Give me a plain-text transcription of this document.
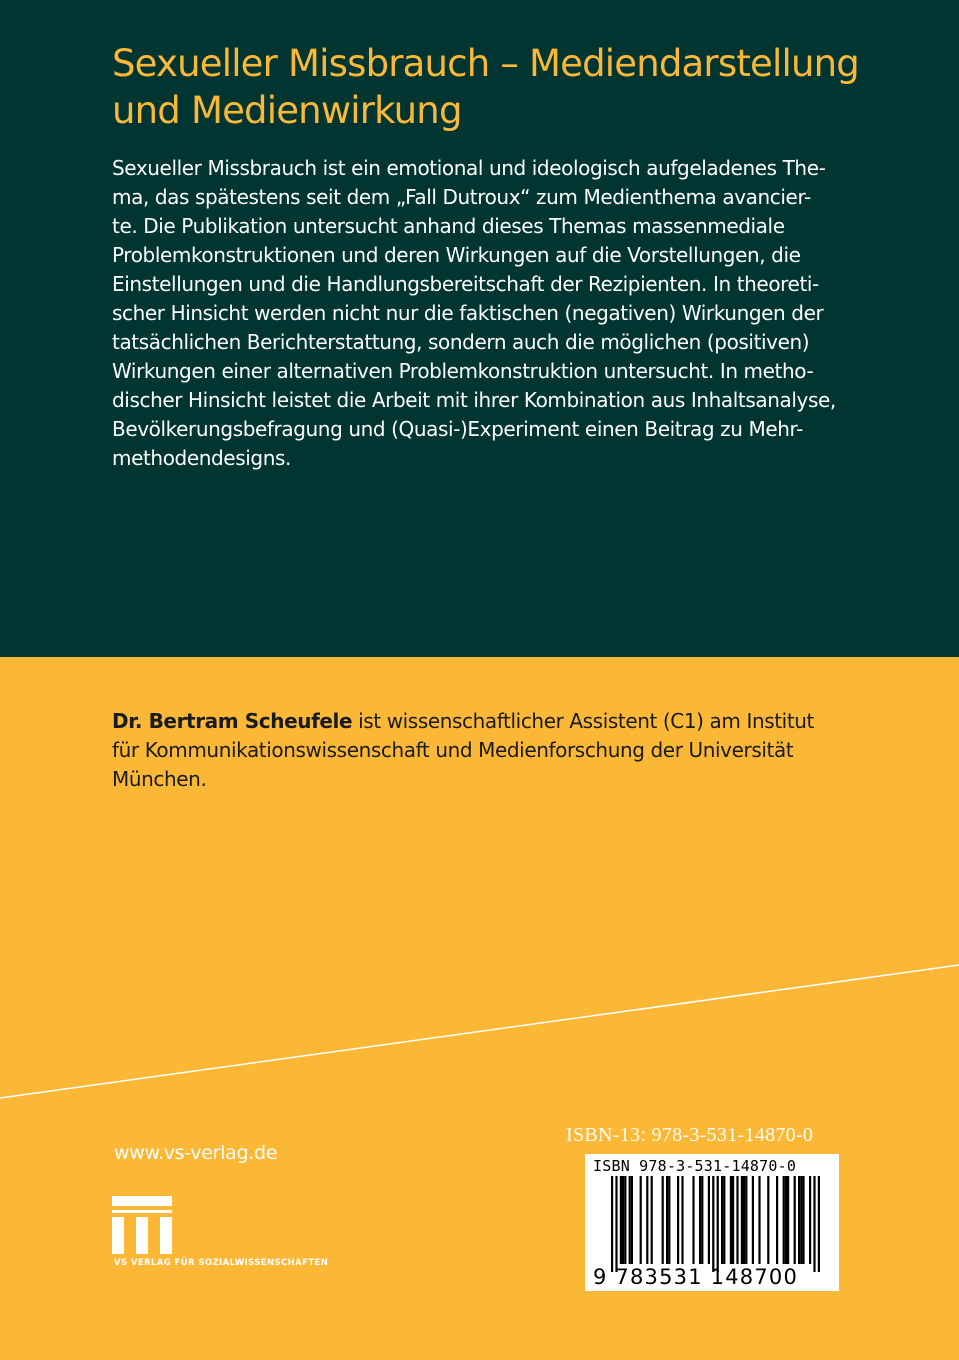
Sexueller Missbrauch – Mediendarstellung
und Medienwirkung

Sexueller Missbrauch ist ein emotional und ideologisch aufgeladenes The-
ma, das spätestens seit dem „Fall Dutroux“ zum Medienthema avancier-
te. Die Publikation untersucht anhand dieses Themas massenmediale
Problemkonstruktionen und deren Wirkungen auf die Vorstellungen, die
Einstellungen und die Handlungsbereitschaft der Rezipienten. In theoreti-
scher Hinsicht werden nicht nur die faktischen (negativen) Wirkungen der
tatsächlichen Berichterstattung, sondern auch die möglichen (positiven)
Wirkungen einer alternativen Problemkonstruktion untersucht. In metho-
discher Hinsicht leistet die Arbeit mit ihrer Kombination aus Inhaltsanalyse,
Bevölkerungsbefragung und (Quasi-)Experiment einen Beitrag zu Mehr-
methodendesigns.

Dr. Bertram Scheufele ist wissenschaftlicher Assistent (C1) am Institut
für Kommunikationswissenschaft und Medienforschung der Universität
München.

www.vs-verlag.de
VS VERLAG FÜR SOZIALWISSENSCHAFTEN
ISBN-13: 978-3-531-14870-0
ISBN 978-3-531-14870-0
9 783531 148700
